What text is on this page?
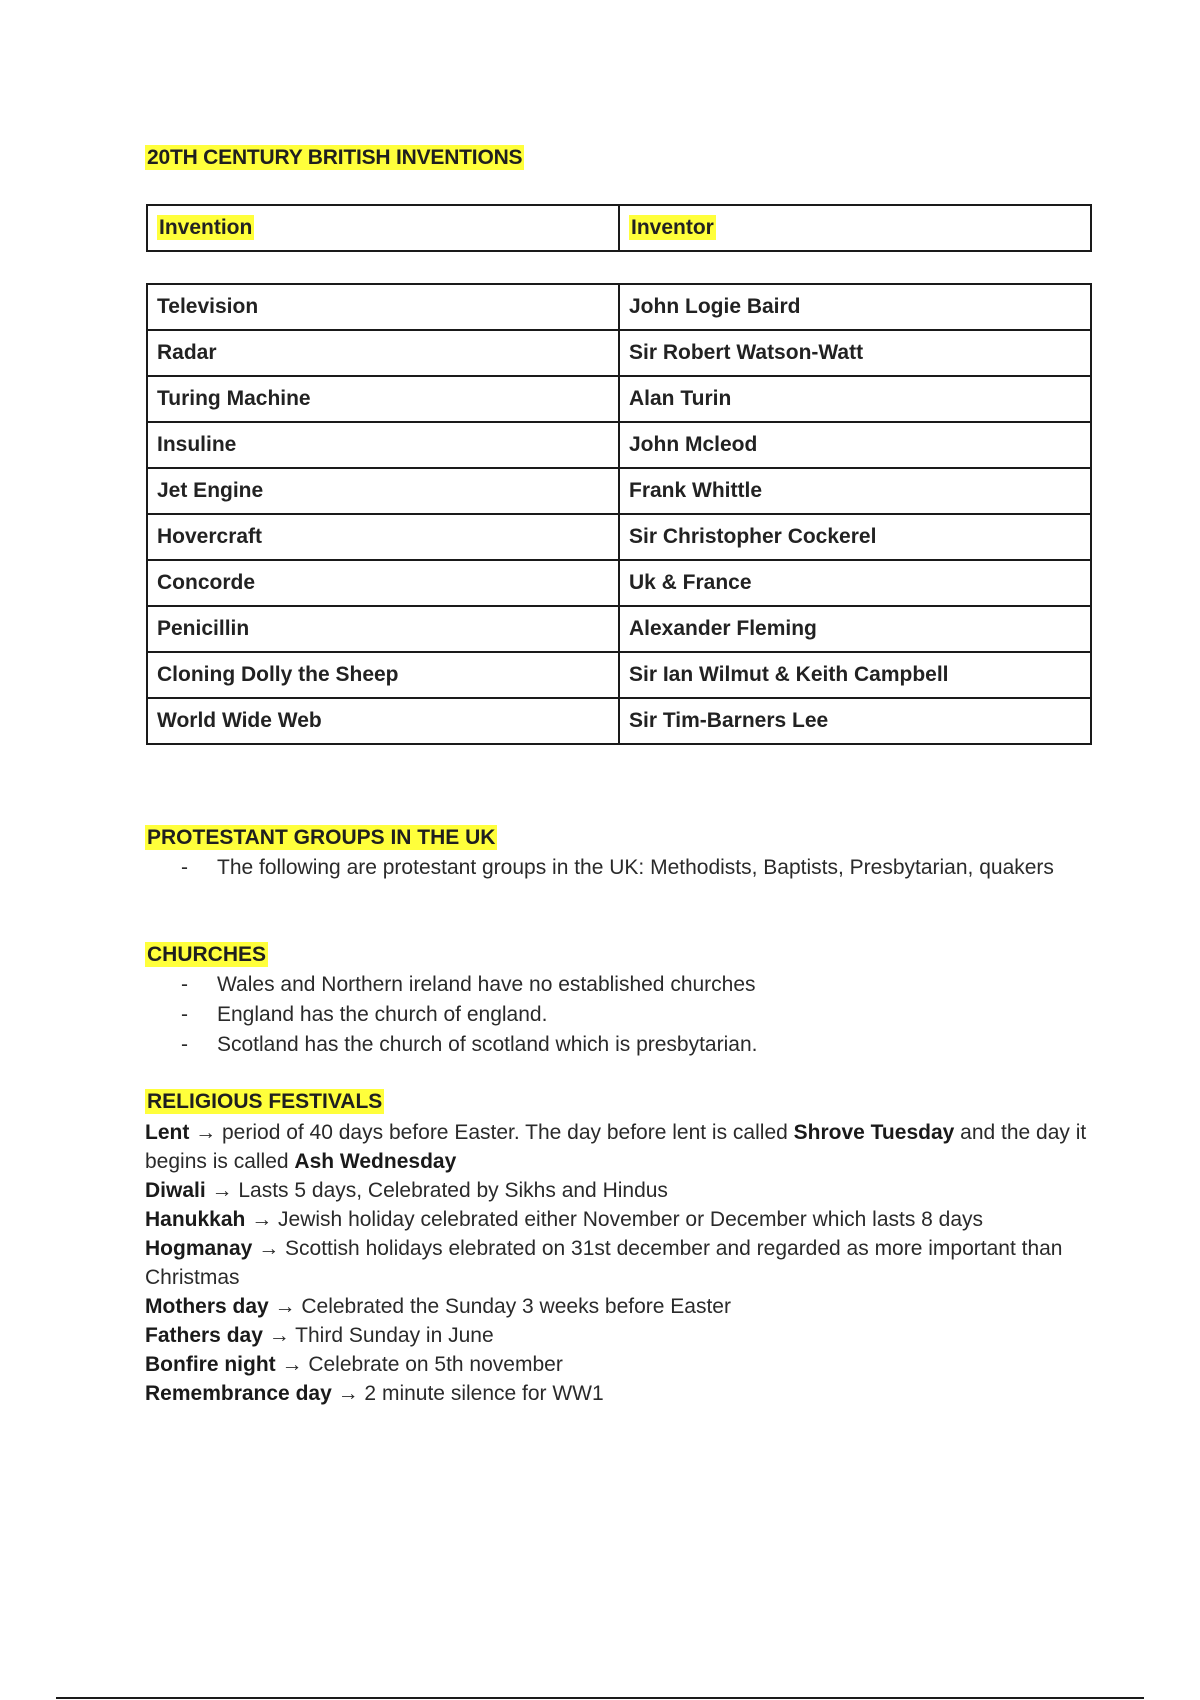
20TH CENTURY BRITISH INVENTIONS
Invention	Inventor
Television	John Logie Baird
Radar	Sir Robert Watson-Watt
Turing Machine	Alan Turin
Insuline	John Mcleod
Jet Engine	Frank Whittle
Hovercraft	Sir Christopher Cockerel
Concorde	Uk & France
Penicillin	Alexander Fleming
Cloning Dolly the Sheep	Sir Ian Wilmut & Keith Campbell
World Wide Web	Sir Tim-Barners Lee
PROTESTANT GROUPS IN THE UK
- The following are protestant groups in the UK: Methodists, Baptists, Presbytarian, quakers
CHURCHES
- Wales and Northern ireland have no established churches
- England has the church of england.
- Scotland has the church of scotland which is presbytarian.
RELIGIOUS FESTIVALS

Lent → period of 40 days before Easter. The day before lent is called Shrove Tuesday and the day it begins is called Ash Wednesday

Diwali → Lasts 5 days, Celebrated by Sikhs and Hindus

Hanukkah → Jewish holiday celebrated either November or December which lasts 8 days

Hogmanay → Scottish holidays elebrated on 31st december and regarded as more important than Christmas

Mothers day → Celebrated the Sunday 3 weeks before Easter

Fathers day → Third Sunday in June

Bonfire night → Celebrate on 5th november

Remembrance day → 2 minute silence for WW1
